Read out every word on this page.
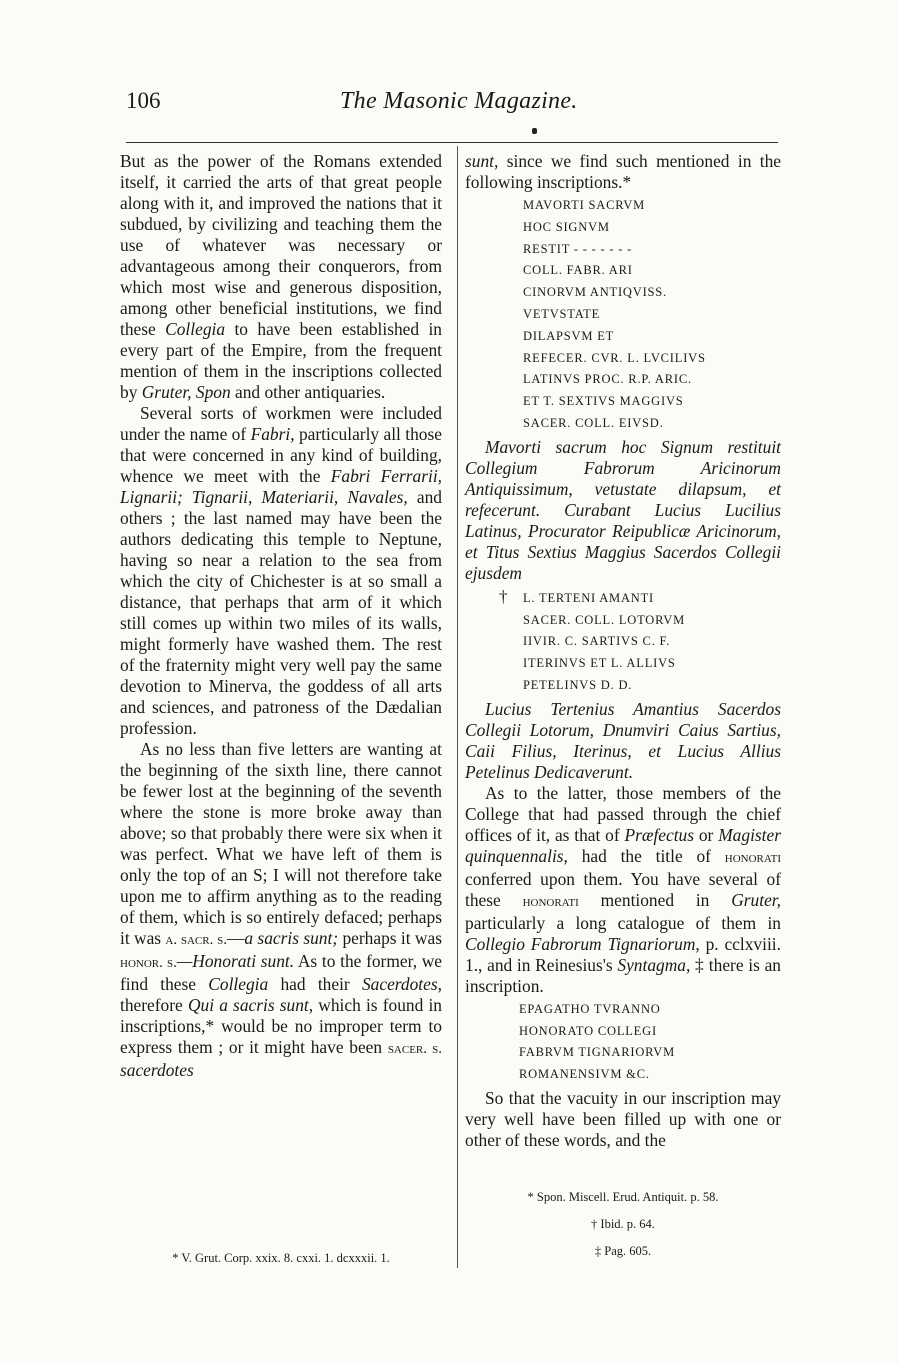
106	The Masonic Magazine.

But as the power of the Romans extended itself, it carried the arts of that great people along with it, and improved the nations that it subdued, by civilizing and teaching them the use of whatever was necessary or advantageous among their conquerors, from which most wise and generous disposition, among other beneficial institutions, we find these Collegia to have been established in every part of the Empire, from the frequent mention of them in the inscriptions collected by Gruter, Spon and other antiquaries.

Several sorts of workmen were included under the name of Fabri, particularly all those that were concerned in any kind of building, whence we meet with the Fabri Ferrarii, Lignarii; Tignarii, Materiarii, Navales, and others ; the last named may have been the authors dedicating this temple to Neptune, having so near a relation to the sea from which the city of Chichester is at so small a distance, that perhaps that arm of it which still comes up within two miles of its walls, might formerly have washed them. The rest of the fraternity might very well pay the same devotion to Minerva, the goddess of all arts and sciences, and patroness of the Dædalian profession.

As no less than five letters are wanting at the beginning of the sixth line, there cannot be fewer lost at the beginning of the seventh where the stone is more broke away than above; so that probably there were six when it was perfect. What we have left of them is only the top of an S; I will not therefore take upon me to affirm anything as to the reading of them, which is so entirely defaced; perhaps it was a. sacr. s.—a sacris sunt; perhaps it was honor. s.—Honorati sunt. As to the former, we find these Collegia had their Sacerdotes, therefore Qui a sacris sunt, which is found in inscriptions,* would be no improper term to express them ; or it might have been sacer. s. sacerdotes

sunt, since we find such mentioned in the following inscriptions.*

MAVORTI SACRVM
HOC SIGNVM
RESTIT - - - - - - -
COLL. FABR. ARI
CINORVM ANTIQVISS.
VETVSTATE
DILAPSVM ET
REFECER. CVR. L. LVCILIVS
LATINVS PROC. R.P. ARIC.
ET T. SEXTIVS MAGGIVS
SACER. COLL. EIVSD.

Mavorti sacrum hoc Signum restituit Collegium Fabrorum Aricinorum Antiquissimum, vetustate dilapsum, et refecerunt. Curabant Lucius Lucilius Latinus, Procurator Reipublicæ Aricinorum, et Titus Sextius Maggius Sacerdos Collegii ejusdem

† L. TERTENI AMANTI
SACER. COLL. LOTORVM
IIVIR. C. SARTIVS C. F.
ITERINVS ET L. ALLIVS
PETELINVS D. D.

Lucius Tertenius Amantius Sacerdos Collegii Lotorum, Dnumviri Caius Sartius, Caii Filius, Iterinus, et Lucius Allius Petelinus Dedicaverunt.

As to the latter, those members of the College that had passed through the chief offices of it, as that of Præfectus or Magister quinquennalis, had the title of honorati conferred upon them. You have several of these honorati mentioned in Gruter, particularly a long catalogue of them in Collegio Fabrorum Tignariorum, p. cclxviii. 1., and in Reinesius's Syntagma, ‡ there is an inscription.

EPAGATHO TVRANNO
HONORATO COLLEGI
FABRVM TIGNARIORVM
ROMANENSIVM &C.

So that the vacuity in our inscription may very well have been filled up with one or other of these words, and the

* Spon. Miscell. Erud. Antiquit. p. 58.
† Ibid. p. 64.
‡ Pag. 605.
* V. Grut. Corp. xxix. 8. cxxi. 1. dcxxxii. 1.
